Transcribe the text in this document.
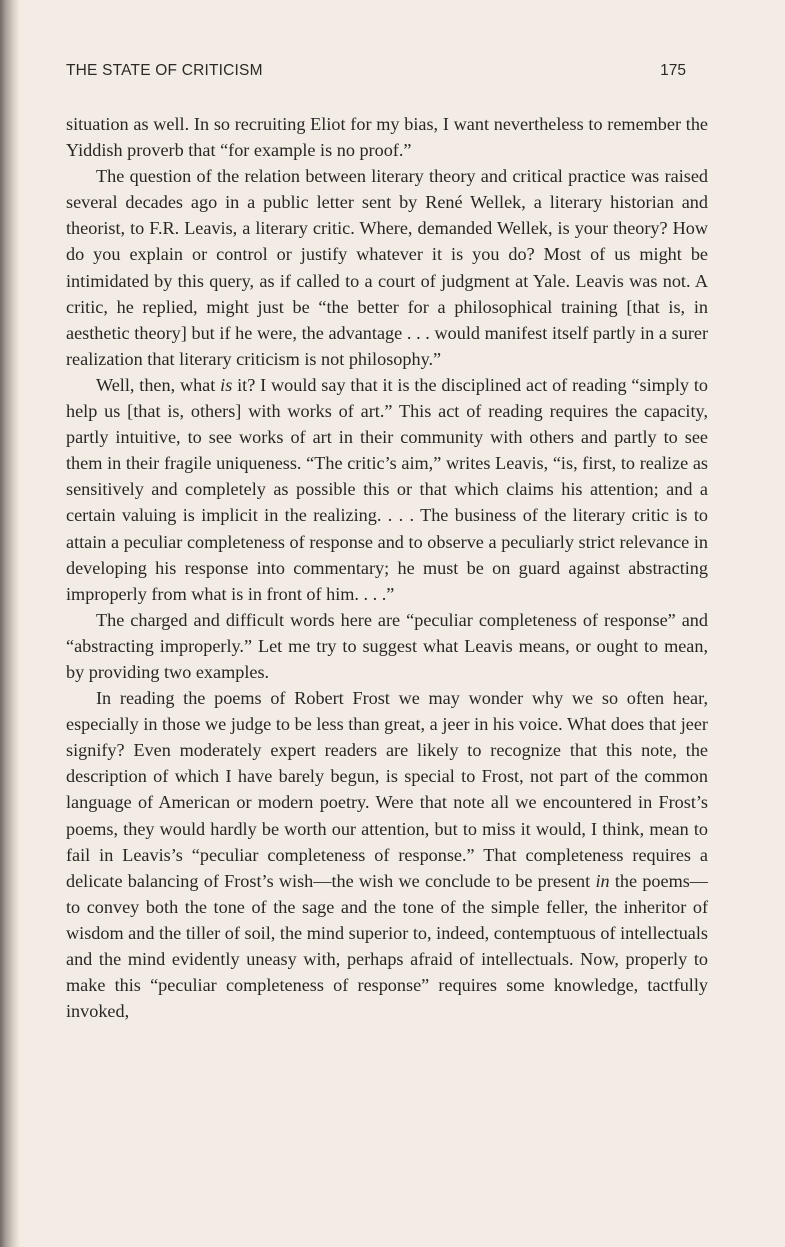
THE STATE OF CRITICISM	175

situation as well. In so recruiting Eliot for my bias, I want nevertheless to remember the Yiddish proverb that “for example is no proof.”

The question of the relation between literary theory and critical practice was raised several decades ago in a public letter sent by René Wellek, a literary historian and theorist, to F.R. Leavis, a literary critic. Where, demanded Wellek, is your theory? How do you explain or control or justify whatever it is you do? Most of us might be intimidated by this query, as if called to a court of judgment at Yale. Leavis was not. A critic, he replied, might just be “the better for a philosophical training [that is, in aesthetic theory] but if he were, the advantage . . . would manifest itself partly in a surer realization that literary criticism is not philosophy.”

Well, then, what is it? I would say that it is the disciplined act of reading “simply to help us [that is, others] with works of art.” This act of reading requires the capacity, partly intuitive, to see works of art in their community with others and partly to see them in their fragile uniqueness. “The critic’s aim,” writes Leavis, “is, first, to realize as sensitively and completely as possible this or that which claims his attention; and a certain valuing is implicit in the realizing. . . . The business of the literary critic is to attain a peculiar completeness of response and to observe a peculiarly strict relevance in developing his response into commentary; he must be on guard against abstracting improperly from what is in front of him. . . .”

The charged and difficult words here are “peculiar completeness of response” and “abstracting improperly.” Let me try to suggest what Leavis means, or ought to mean, by providing two examples.

In reading the poems of Robert Frost we may wonder why we so often hear, especially in those we judge to be less than great, a jeer in his voice. What does that jeer signify? Even moderately expert readers are likely to recognize that this note, the description of which I have barely begun, is special to Frost, not part of the common language of American or modern poetry. Were that note all we encountered in Frost’s poems, they would hardly be worth our attention, but to miss it would, I think, mean to fail in Leavis’s “peculiar completeness of response.” That completeness requires a delicate balancing of Frost’s wish—the wish we conclude to be present in the poems—to convey both the tone of the sage and the tone of the simple feller, the inheritor of wisdom and the tiller of soil, the mind superior to, indeed, contemptuous of intellectuals and the mind evidently uneasy with, perhaps afraid of intellectuals. Now, properly to make this “peculiar completeness of response” requires some knowledge, tactfully invoked,
